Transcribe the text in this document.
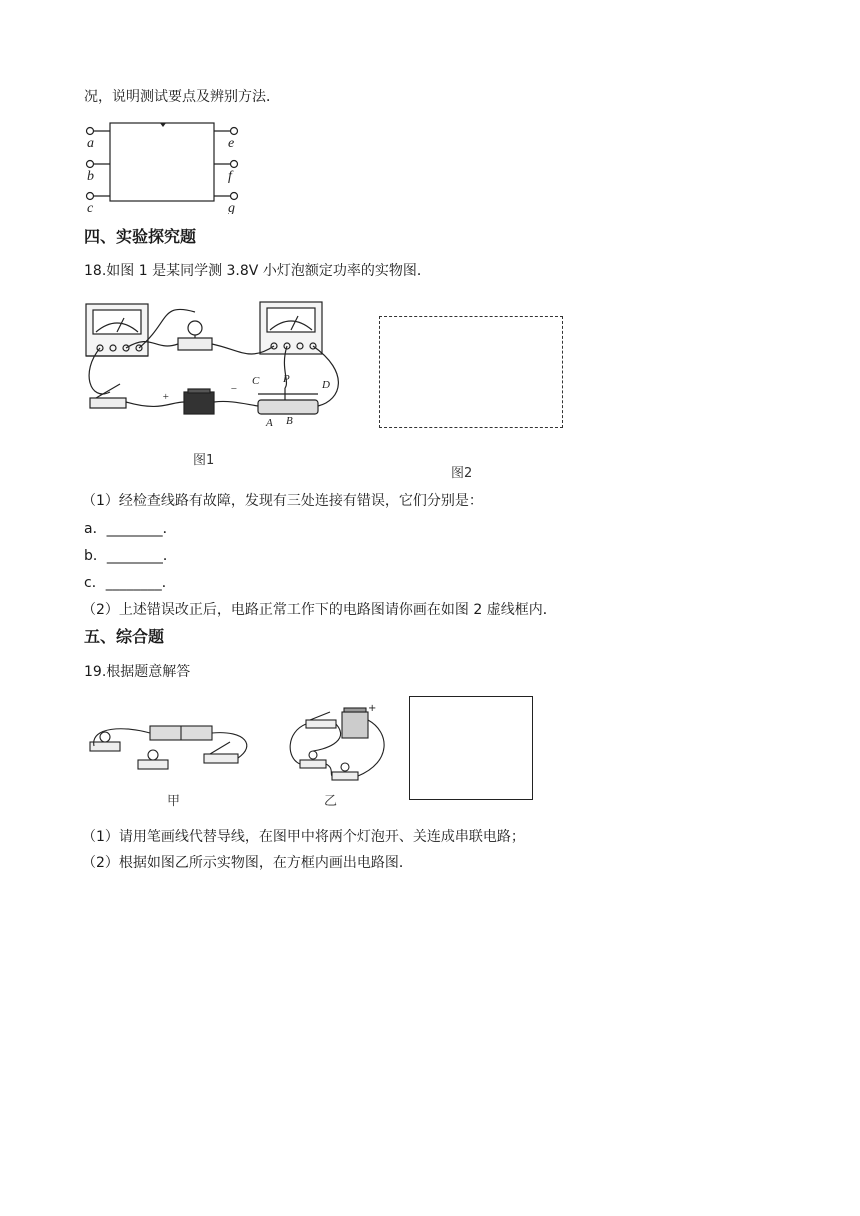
况，说明测试要点及辨别方法．
a
b
c
e
f
g
四、实验探究题
18.如图 1 是某同学测 3.8V 小灯泡额定功率的实物图．
+
−
C P	D
A B
图1
图2
（1）经检查线路有故障，发现有三处连接有错误，它们分别是：
a．________．
b．________．
c．________．
（2）上述错误改正后，电路正常工作下的电路图请你画在如图 2 虚线框内．
五、综合题
19.根据题意解答
甲
+
乙
（1）请用笔画线代替导线，在图甲中将两个灯泡开、关连成串联电路；
（2）根据如图乙所示实物图，在方框内画出电路图．
